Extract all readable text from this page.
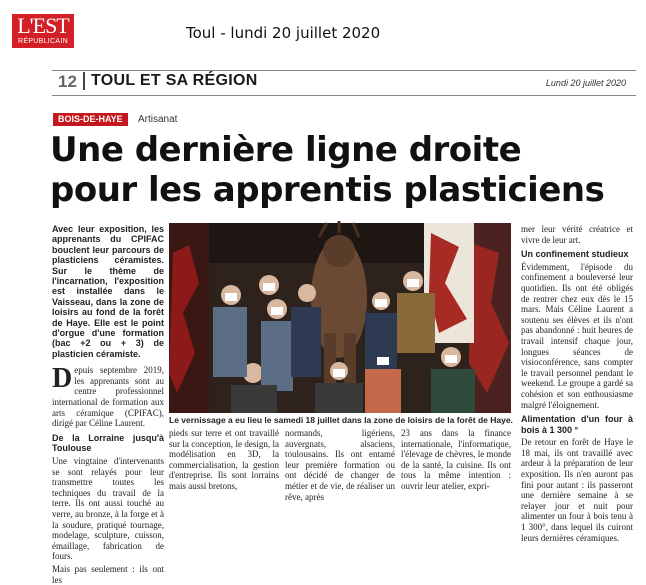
L'EST
RÉPUBLICAIN	Toul - lundi 20 juillet 2020
12 TOUL ET SA RÉGION	Lundi 20 juillet 2020
BOIS-DE-HAYE	Artisanat
Une dernière ligne droite
pour les apprentis plasticiens

Avec leur exposition, les apprenants du CPIFAC bouclent leur parcours de plasticiens céramistes. Sur le thème de l'incarnation, l'exposition est installée dans le Vaisseau, dans la zone de loisirs au fond de la forêt de Haye. Elle est le point d'orgue d'une formation (bac +2 ou + 3) de plasticien céramiste.

Depuis septembre 2019, les apprenants sont au centre professionnel international de formation aux arts céramique (CPIFAC), dirigé par Céline Laurent.

De la Lorraine jusqu'à Toulouse

Une vingtaine d'intervenants se sont relayés pour leur transmettre toutes les techniques du travail de la terre. Ils ont aussi touché au verre, au bronze, à la forge et à la soudure, pratiqué tournage, modelage, sculpture, cuisson, émaillage, fabrication de fours.

Mais pas seulement : ils ont les

Le vernissage a eu lieu le samedi 18 juillet dans la zone de loisirs de la forêt de Haye.

pieds sur terre et ont travaillé sur la conception, le design, la modélisation en 3D, la commercialisation, la gestion d'entreprise. Ils sont lorrains mais aussi bretons,

normands, ligériens, auvergnats, alsaciens, toulousains. Ils ont entamé leur première formation ou ont décidé de changer de métier et de vie, de réaliser un rêve, après

23 ans dans la finance internationale, l'informatique, l'élevage de chèvres, le monde de la santé, la cuisine. Ils ont tous la même intention : ouvrir leur atelier, expri-

mer leur vérité créatrice et vivre de leur art.

Un confinement studieux

Évidemment, l'épisode du confinement a bouleversé leur quotidien. Ils ont été obligés de rentrer chez eux dès le 15 mars. Mais Céline Laurent a soutenu ses élèves et ils n'ont pas abandonné : huit heures de travail intensif chaque jour, longues séances de visioconférence, sans compter le travail personnel pendant le weekend. Le groupe a gardé sa cohésion et son enthousiasme malgré l'éloignement.

Alimentation d'un four à bois à 1 300 °

De retour en forêt de Haye le 18 mai, ils ont travaillé avec ardeur à la préparation de leur exposition. Ils n'en auront pas fini pour autant : ils passeront une dernière semaine à se relayer jour et nuit pour alimenter un four à bois tenu à 1 300°, dans lequel ils cuiront leurs dernières céramiques.
